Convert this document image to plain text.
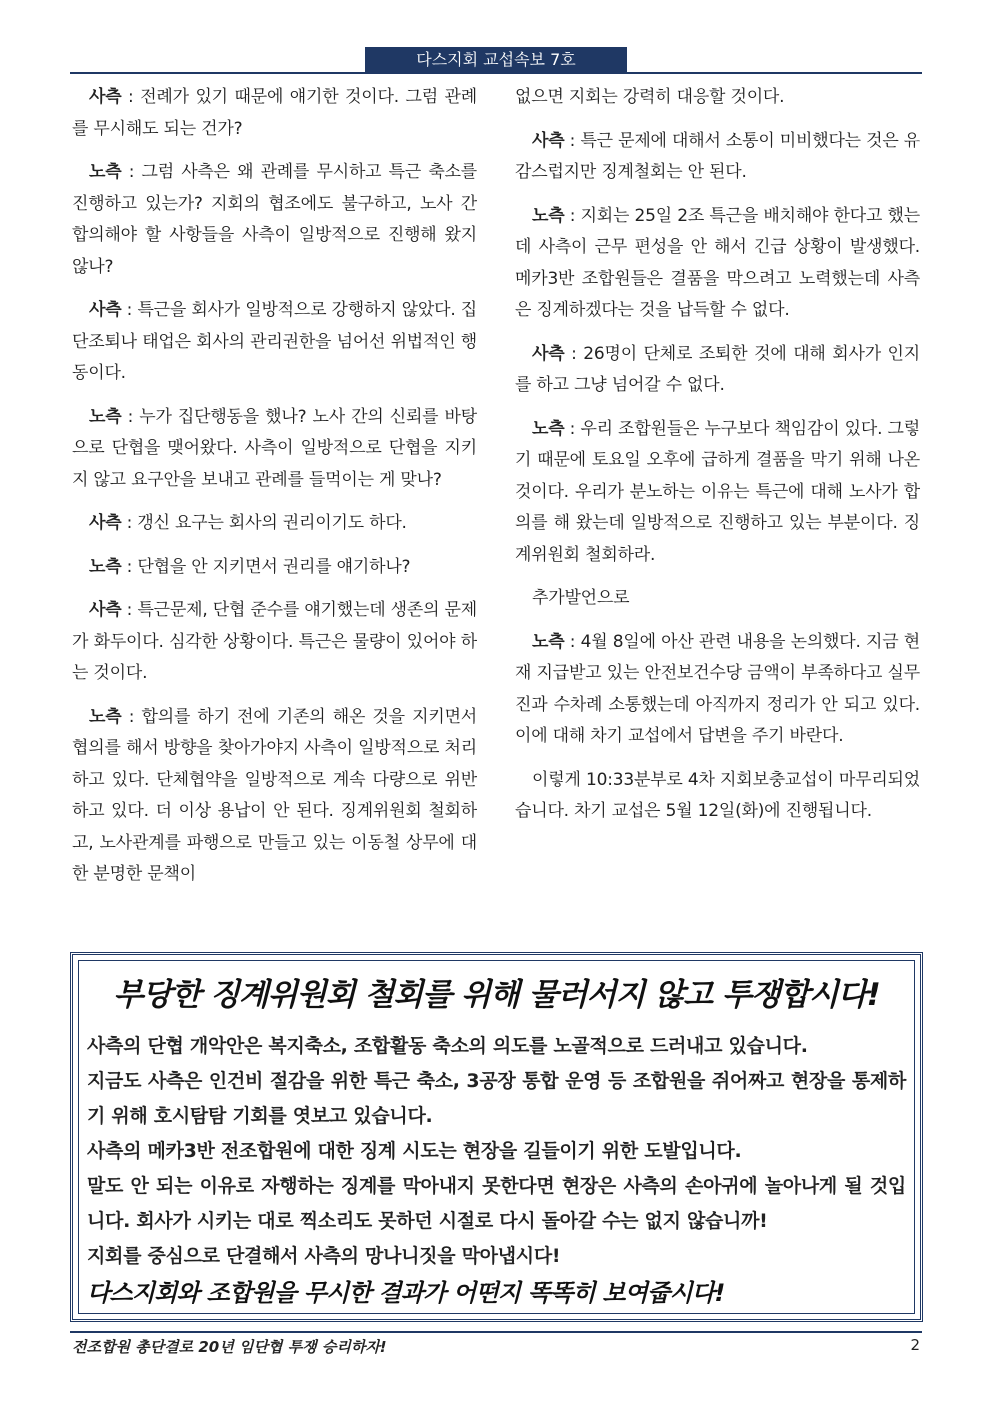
다스지회 교섭속보 7호

사측 : 전례가 있기 때문에 얘기한 것이다. 그럼 관례를 무시해도 되는 건가?

노측 : 그럼 사측은 왜 관례를 무시하고 특근 축소를 진행하고 있는가? 지회의 협조에도 불구하고, 노사 간 합의해야 할 사항들을 사측이 일방적으로 진행해 왔지 않나?

사측 : 특근을 회사가 일방적으로 강행하지 않았다. 집단조퇴나 태업은 회사의 관리권한을 넘어선 위법적인 행동이다.

노측 : 누가 집단행동을 했나? 노사 간의 신뢰를 바탕으로 단협을 맺어왔다. 사측이 일방적으로 단협을 지키지 않고 요구안을 보내고 관례를 들먹이는 게 맞나?

사측 : 갱신 요구는 회사의 권리이기도 하다.

노측 : 단협을 안 지키면서 권리를 얘기하나?

사측 : 특근문제, 단협 준수를 얘기했는데 생존의 문제가 화두이다. 심각한 상황이다. 특근은 물량이 있어야 하는 것이다.

노측 : 합의를 하기 전에 기존의 해온 것을 지키면서 협의를 해서 방향을 찾아가야지 사측이 일방적으로 처리하고 있다. 단체협약을 일방적으로 계속 다량으로 위반하고 있다. 더 이상 용납이 안 된다. 징계위원회 철회하고, 노사관계를 파행으로 만들고 있는 이동철 상무에 대한 분명한 문책이

없으면 지회는 강력히 대응할 것이다.

사측 : 특근 문제에 대해서 소통이 미비했다는 것은 유감스럽지만 징계철회는 안 된다.

노측 : 지회는 25일 2조 특근을 배치해야 한다고 했는데 사측이 근무 편성을 안 해서 긴급 상황이 발생했다. 메카3반 조합원들은 결품을 막으려고 노력했는데 사측은 징계하겠다는 것을 납득할 수 없다.

사측 : 26명이 단체로 조퇴한 것에 대해 회사가 인지를 하고 그냥 넘어갈 수 없다.

노측 : 우리 조합원들은 누구보다 책임감이 있다. 그렇기 때문에 토요일 오후에 급하게 결품을 막기 위해 나온 것이다. 우리가 분노하는 이유는 특근에 대해 노사가 합의를 해 왔는데 일방적으로 진행하고 있는 부분이다. 징계위원회 철회하라.

추가발언으로

노측 : 4월 8일에 아산 관련 내용을 논의했다. 지금 현재 지급받고 있는 안전보건수당 금액이 부족하다고 실무진과 수차례 소통했는데 아직까지 정리가 안 되고 있다. 이에 대해 차기 교섭에서 답변을 주기 바란다.

이렇게 10:33분부로 4차 지회보충교섭이 마무리되었습니다. 차기 교섭은 5월 12일(화)에 진행됩니다.

부당한 징계위원회 철회를 위해 물러서지 않고 투쟁합시다!
사측의 단협 개악안은 복지축소, 조합활동 축소의 의도를 노골적으로 드러내고 있습니다.
지금도 사측은 인건비 절감을 위한 특근 축소, 3공장 통합 운영 등 조합원을 쥐어짜고 현장을 통제하기 위해 호시탐탐 기회를 엿보고 있습니다.
사측의 메카3반 전조합원에 대한 징계 시도는 현장을 길들이기 위한 도발입니다.
말도 안 되는 이유로 자행하는 징계를 막아내지 못한다면 현장은 사측의 손아귀에 놀아나게 될 것입니다. 회사가 시키는 대로 찍소리도 못하던 시절로 다시 돌아갈 수는 없지 않습니까!
지회를 중심으로 단결해서 사측의 망나니짓을 막아냅시다!
다스지회와 조합원을 무시한 결과가 어떤지 똑똑히 보여줍시다!
전조합원 총단결로 20년 임단협 투쟁 승리하자!	2
